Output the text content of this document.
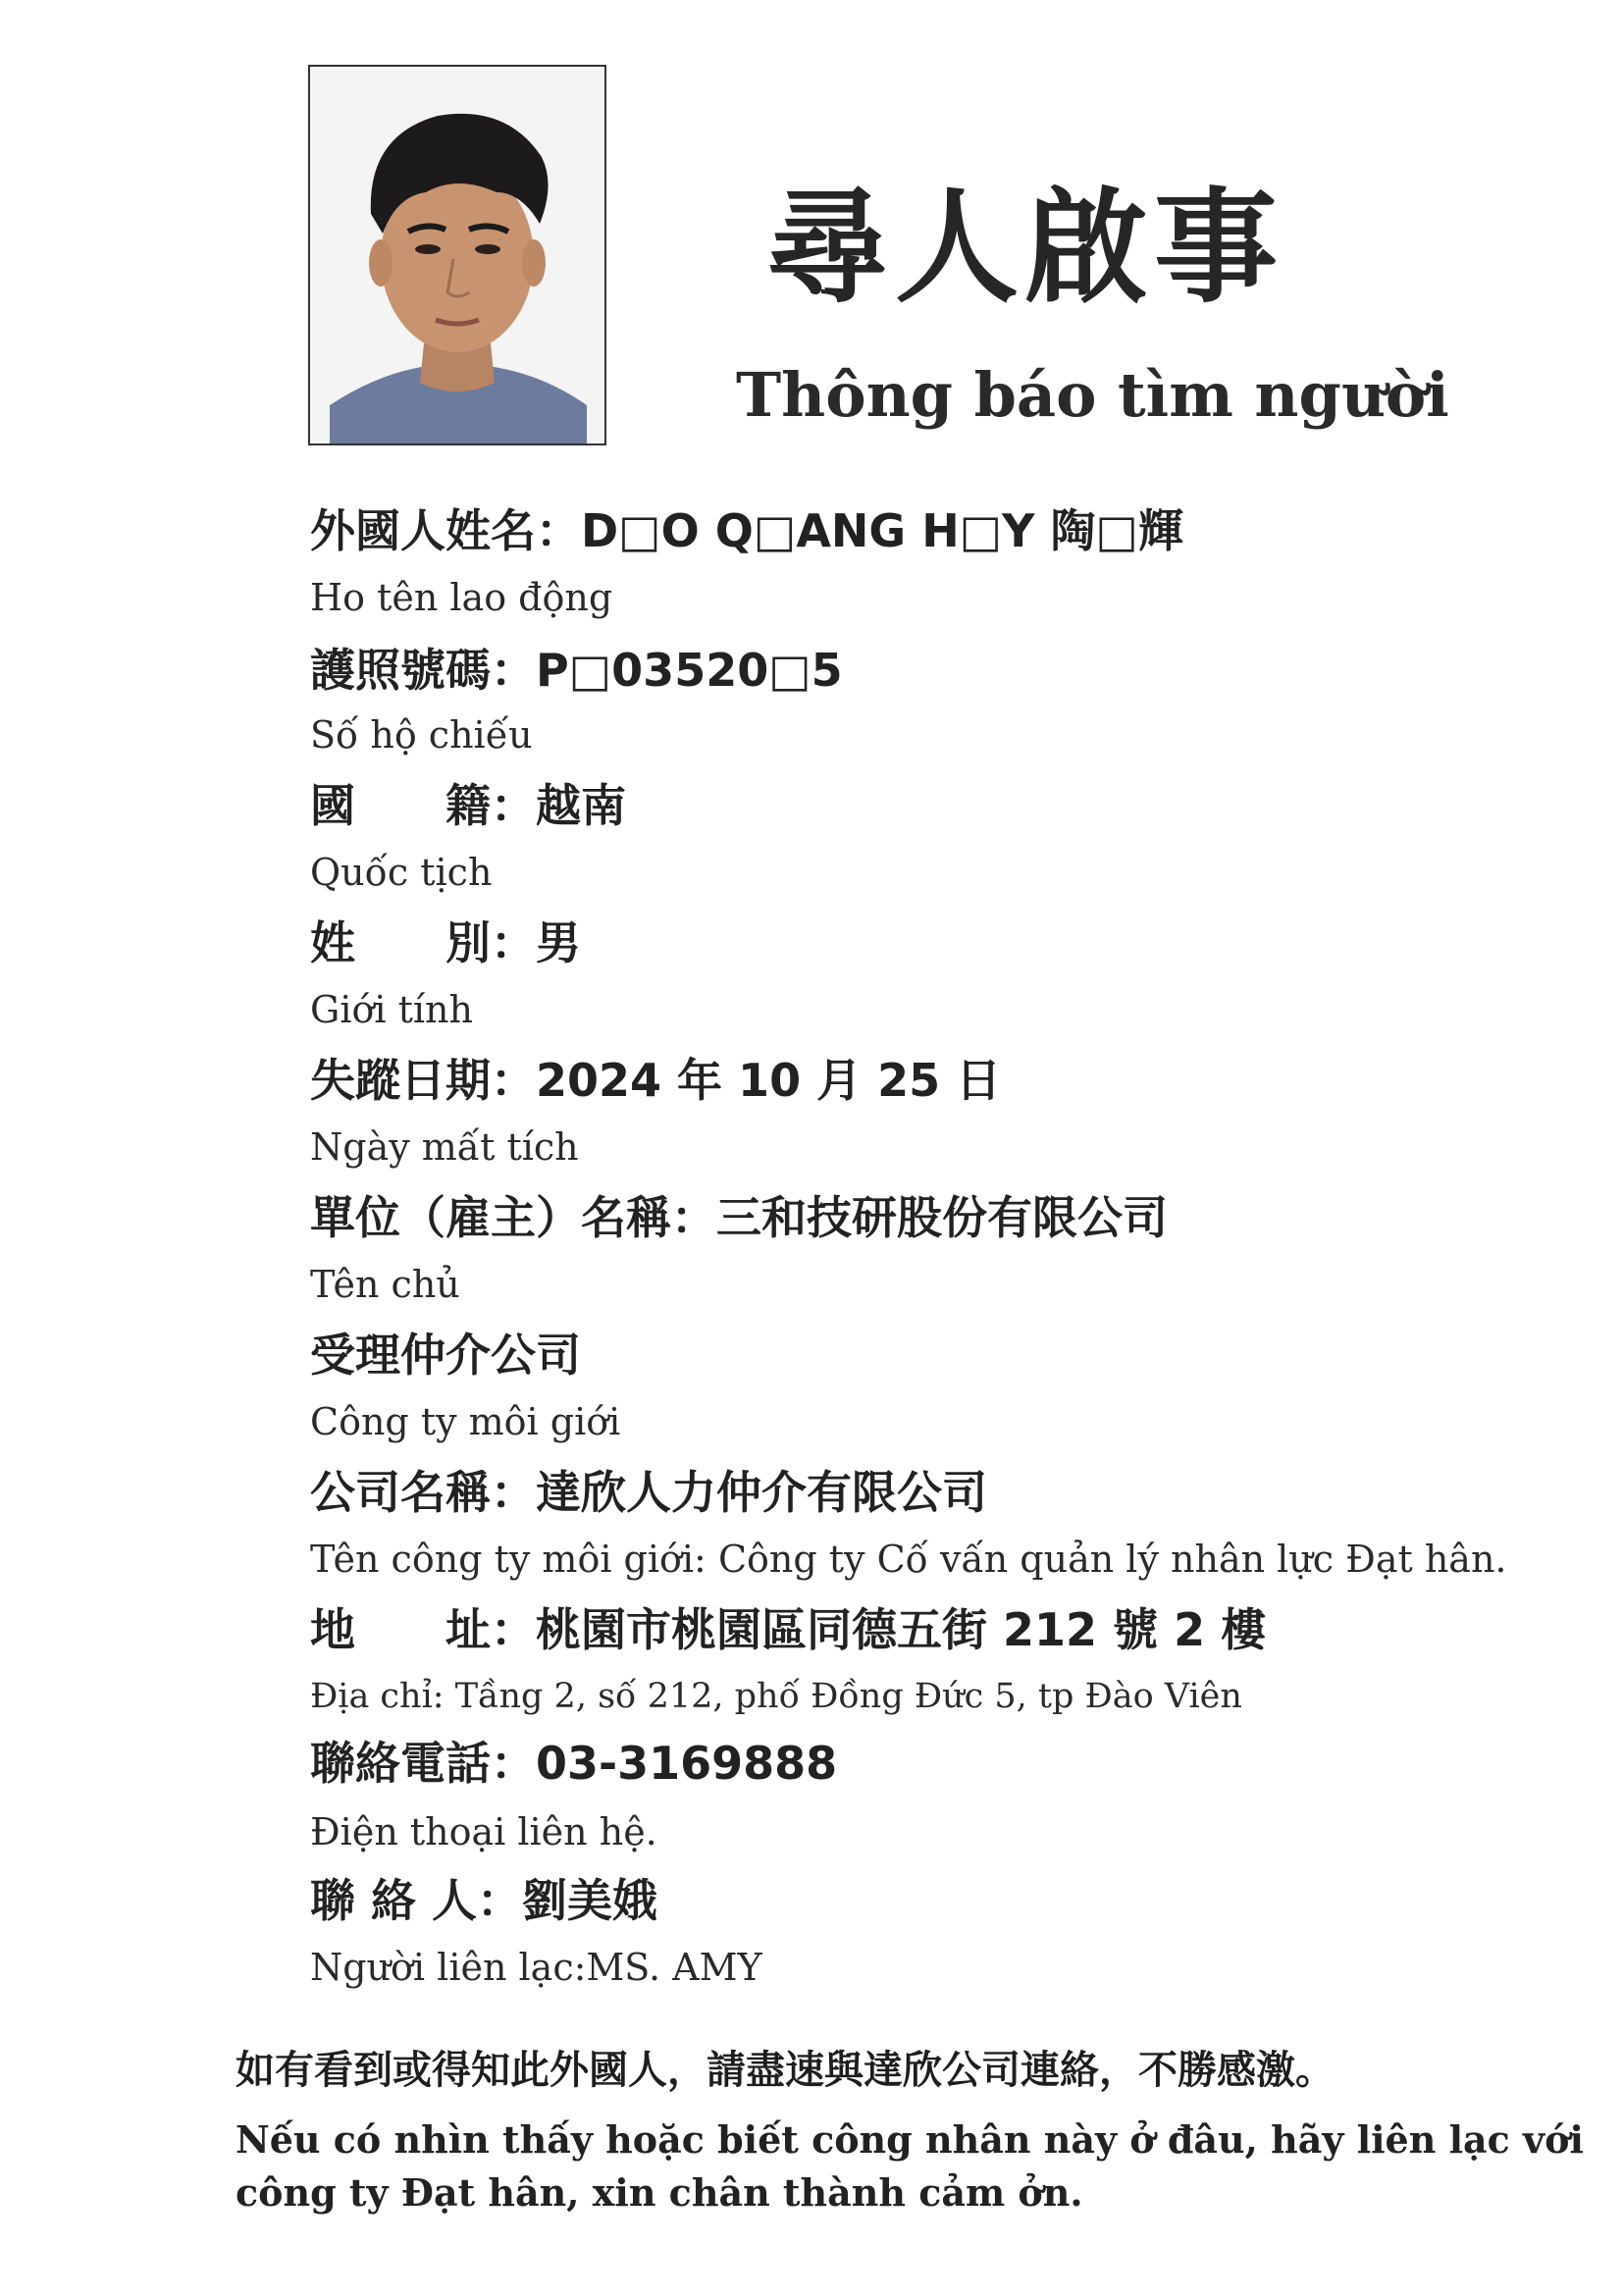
尋人啟事
Thông báo tìm người
外國人姓名：D□O Q□ANG H□Y 陶□輝
Ho tên lao động
護照號碼：P□03520□5
Số hộ chiếu
國　　籍：越南
Quốc tịch
姓　　別：男
Giới tính
失蹤日期：2024 年 10 月 25 日
Ngày mất tích
單位（雇主）名稱：三和技研股份有限公司
Tên chủ
受理仲介公司
Công ty môi giới
公司名稱：達欣人力仲介有限公司
Tên công ty môi giới: Công ty Cố vấn quản lý nhân lực Đạt hân.
地　　址：桃園市桃園區同德五街 212 號 2 樓
Địa chỉ: Tầng 2, số 212, phố Đồng Đức 5, tp Đào Viên
聯絡電話：03-3169888
Điện thoại liên hệ.
聯 絡 人：劉美娥
Người liên lạc:MS. AMY
如有看到或得知此外國人，請盡速與達欣公司連絡，不勝感激。
Nếu có nhìn thấy hoặc biết công nhân này ở đâu, hãy liên lạc với
công ty Đạt hân, xin chân thành cảm ởn.
